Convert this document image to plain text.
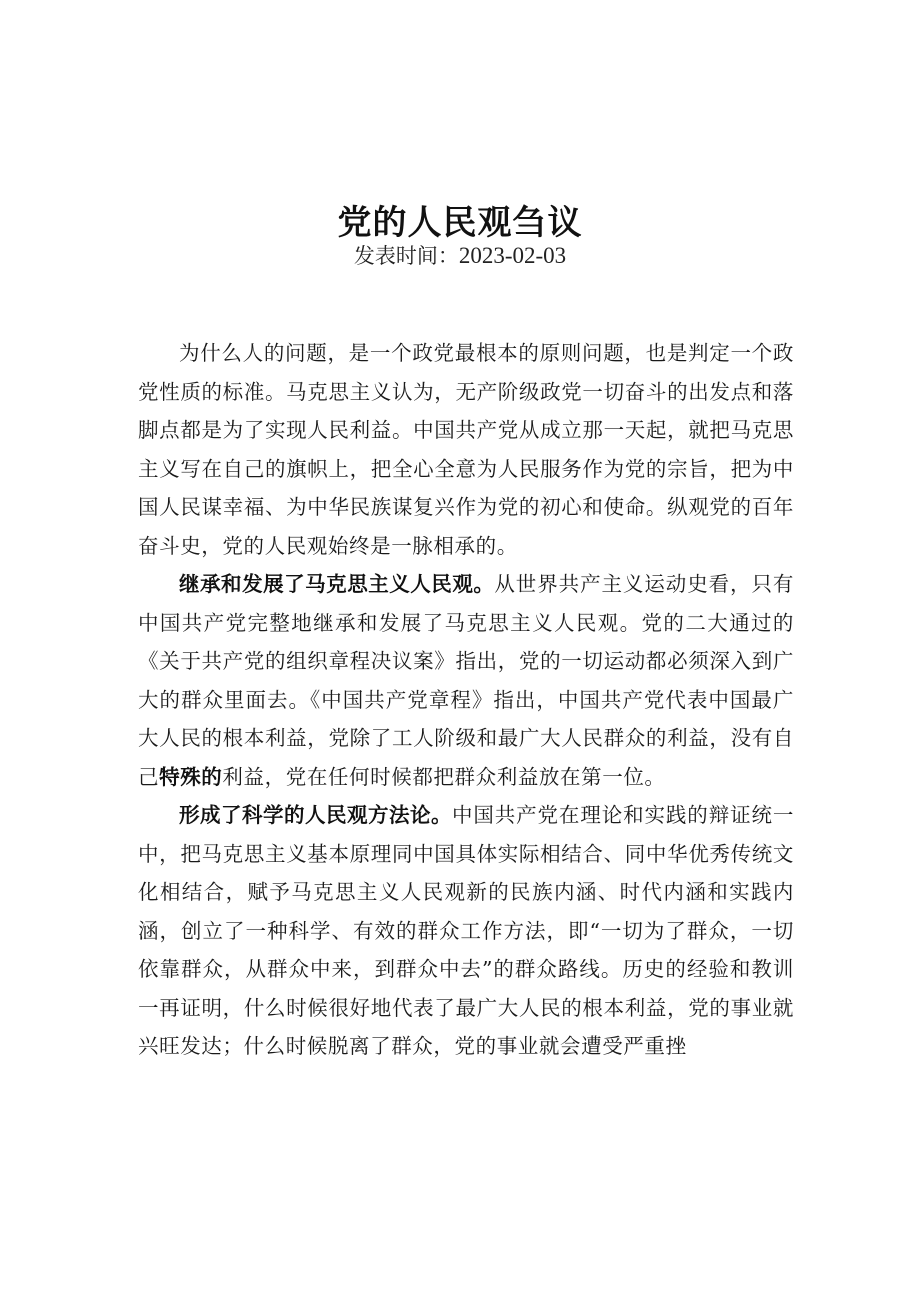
党的人民观刍议
发表时间：2023-02-03

为什么人的问题，是一个政党最根本的原则问题，也是判定一个政党性质的标准。马克思主义认为，无产阶级政党一切奋斗的出发点和落脚点都是为了实现人民利益。中国共产党从成立那一天起，就把马克思主义写在自己的旗帜上，把全心全意为人民服务作为党的宗旨，把为中国人民谋幸福、为中华民族谋复兴作为党的初心和使命。纵观党的百年奋斗史，党的人民观始终是一脉相承的。

继承和发展了马克思主义人民观。从世界共产主义运动史看，只有中国共产党完整地继承和发展了马克思主义人民观。党的二大通过的《关于共产党的组织章程决议案》指出，党的一切运动都必须深入到广大的群众里面去。《中国共产党章程》指出，中国共产党代表中国最广大人民的根本利益，党除了工人阶级和最广大人民群众的利益，没有自己特殊的利益，党在任何时候都把群众利益放在第一位。

形成了科学的人民观方法论。中国共产党在理论和实践的辩证统一中，把马克思主义基本原理同中国具体实际相结合、同中华优秀传统文化相结合，赋予马克思主义人民观新的民族内涵、时代内涵和实践内涵，创立了一种科学、有效的群众工作方法，即“一切为了群众，一切依靠群众，从群众中来，到群众中去”的群众路线。历史的经验和教训一再证明，什么时候很好地代表了最广大人民的根本利益，党的事业就兴旺发达；什么时候脱离了群众，党的事业就会遭受严重挫
